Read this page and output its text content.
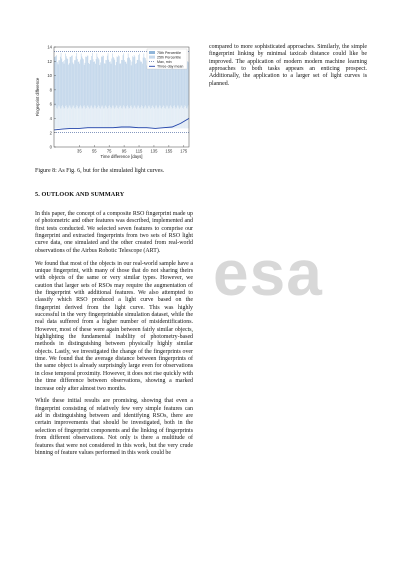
esa
0
2
4
6
8
10
12
14
35 55 75 95 115 135 155 175
Time difference [days]
Fingerprint difference
75th Percentile
25th Percentile
Max, min
Three-day mean
Figure 8: As Fig. 6, but for the simulated light curves.

compared to more sophisticated approaches. Similarly, the simple fingerprint linking by minimal taxicab distance could like be improved. The application of modern modern machine learning approaches to both tasks appears an enticing prospect. Additionally, the application to a larger set of light curves is planned.

5. OUTLOOK AND SUMMARY

In this paper, the concept of a composite RSO fingerprint made up of photometric and other features was described, implemented and first tests conducted. We selected seven features to comprise our fingerprint and extracted fingerprints from two sets of RSO light curve data, one simulated and the other created from real-world observations of the Airbus Robotic Telescope (ART).

We found that most of the objects in our real-world sample have a unique fingerprint, with many of those that do not sharing theirs with objects of the same or very similar types. However, we caution that larger sets of RSOs may require the augmentation of the fingerprint with additional features. We also attempted to classify which RSO produced a light curve based on the fingerprint derived from the light curve. This was highly successful in the very fingerprintable simulation dataset, while the real data suffered from a higher number of misidentifications. However, most of these were again between fairly similar objects, highlighting the fundamental inability of photometry-based methods in distinguishing between physically highly similar objects. Lastly, we investigated the change of the fingerprints over time. We found that the average distance between fingerprints of the same object is already surprisingly large even for observations in close temporal proximity. However, it does not rise quickly with the time difference between observations, showing a marked increase only after almost two months.

While these initial results are promising, showing that even a fingerprint consisting of relatively few very simple features can aid in distinguishing between and identifying RSOs, there are certain improvements that should be investigated, both in the selection of fingerprint components and the linking of fingerprints from different observations. Not only is there a multitude of features that were not considered in this work, but the very crude binning of feature values performed in this work could be
